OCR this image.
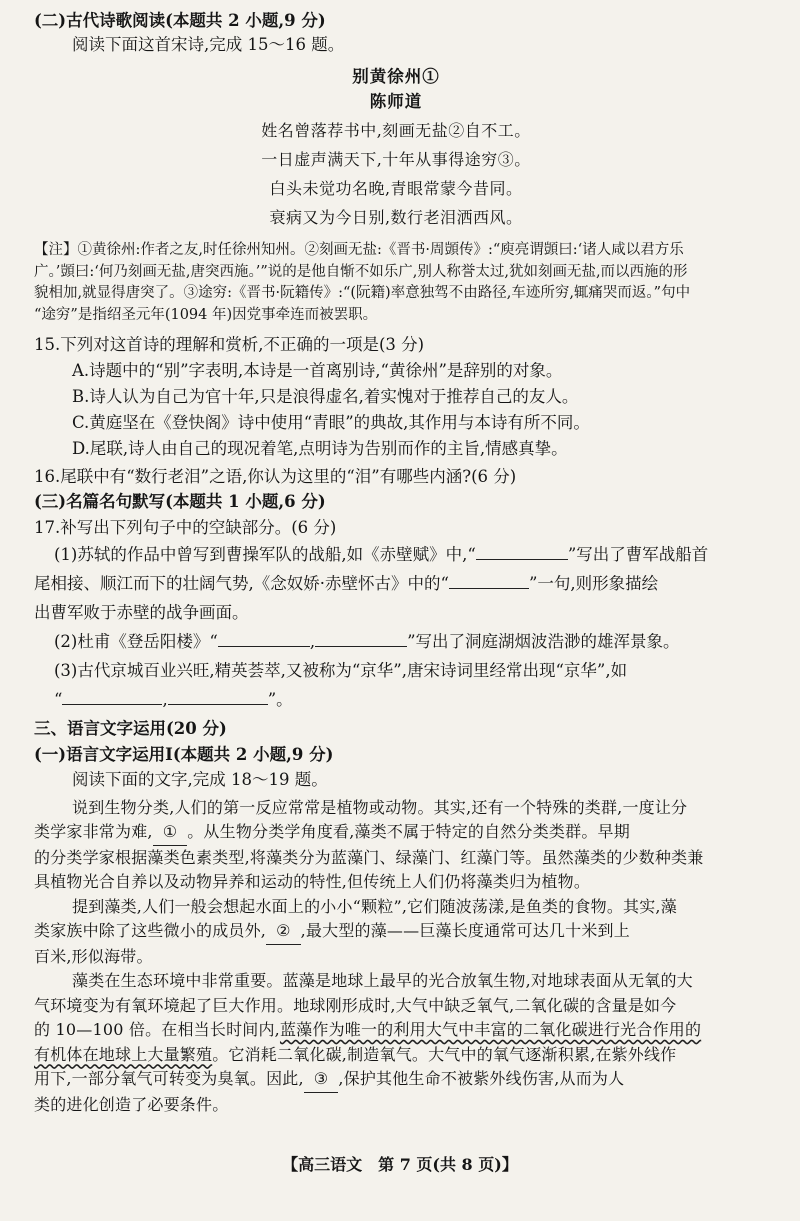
(二)古代诗歌阅读(本题共 2 小题,9 分)
阅读下面这首宋诗,完成 15～16 题。
别黄徐州①
陈师道
姓名曾落荐书中,刻画无盐②自不工。
一日虚声满天下,十年从事得途穷③。
白头未觉功名晚,青眼常蒙今昔同。
衰病又为今日别,数行老泪洒西风。
【注】①黄徐州:作者之友,时任徐州知州。②刻画无盐:《晋书·周顗传》:“庾亮谓顗曰:‘诸人咸以君方乐
广。’顗曰:‘何乃刻画无盐,唐突西施。’”说的是他自惭不如乐广,别人称誉太过,犹如刻画无盐,而以西施的形
貌相加,就显得唐突了。③途穷:《晋书·阮籍传》:“(阮籍)率意独驾不由路径,车迹所穷,辄痛哭而返。”句中
“途穷”是指绍圣元年(1094 年)因党事牵连而被罢职。
15.下列对这首诗的理解和赏析,不正确的一项是(3 分)
A.诗题中的“别”字表明,本诗是一首离别诗,“黄徐州”是辞别的对象。
B.诗人认为自己为官十年,只是浪得虚名,着实愧对于推荐自己的友人。
C.黄庭坚在《登快阁》诗中使用“青眼”的典故,其作用与本诗有所不同。
D.尾联,诗人由自己的现况着笔,点明诗为告别而作的主旨,情感真挚。
16.尾联中有“数行老泪”之语,你认为这里的“泪”有哪些内涵?(6 分)
(三)名篇名句默写(本题共 1 小题,6 分)
17.补写出下列句子中的空缺部分。(6 分)
(1)苏轼的作品中曾写到曹操军队的战船,如《赤壁赋》中,“	”写出了曹军战船首
尾相接、顺江而下的壮阔气势,《念奴娇·赤壁怀古》中的“	”一句,则形象描绘
出曹军败于赤壁的战争画面。
(2)杜甫《登岳阳楼》“	,	”写出了洞庭湖烟波浩渺的雄浑景象。
(3)古代京城百业兴旺,精英荟萃,又被称为“京华”,唐宋诗词里经常出现“京华”,如
“	,	”。
三、语言文字运用(20 分)
(一)语言文字运用Ⅰ(本题共 2 小题,9 分)
阅读下面的文字,完成 18～19 题。
说到生物分类,人们的第一反应常常是植物或动物。其实,还有一个特殊的类群,一度让分
类学家非常为难, ① 。从生物分类学角度看,藻类不属于特定的自然分类类群。早期
的分类学家根据藻类色素类型,将藻类分为蓝藻门、绿藻门、红藻门等。虽然藻类的少数种类兼
具植物光合自养以及动物异养和运动的特性,但传统上人们仍将藻类归为植物。
提到藻类,人们一般会想起水面上的小小“颗粒”,它们随波荡漾,是鱼类的食物。其实,藻
类家族中除了这些微小的成员外, ② ,最大型的藻——巨藻长度通常可达几十米到上
百米,形似海带。
藻类在生态环境中非常重要。蓝藻是地球上最早的光合放氧生物,对地球表面从无氧的大
气环境变为有氧环境起了巨大作用。地球刚形成时,大气中缺乏氧气,二氧化碳的含量是如今
的 10—100 倍。在相当长时间内,蓝藻作为唯一的利用大气中丰富的二氧化碳进行光合作用的
有机体在地球上大量繁殖。它消耗二氧化碳,制造氧气。大气中的氧气逐渐积累,在紫外线作
用下,一部分氧气可转变为臭氧。因此, ③ ,保护其他生命不被紫外线伤害,从而为人
类的进化创造了必要条件。
【高三语文　第 7 页(共 8 页)】
